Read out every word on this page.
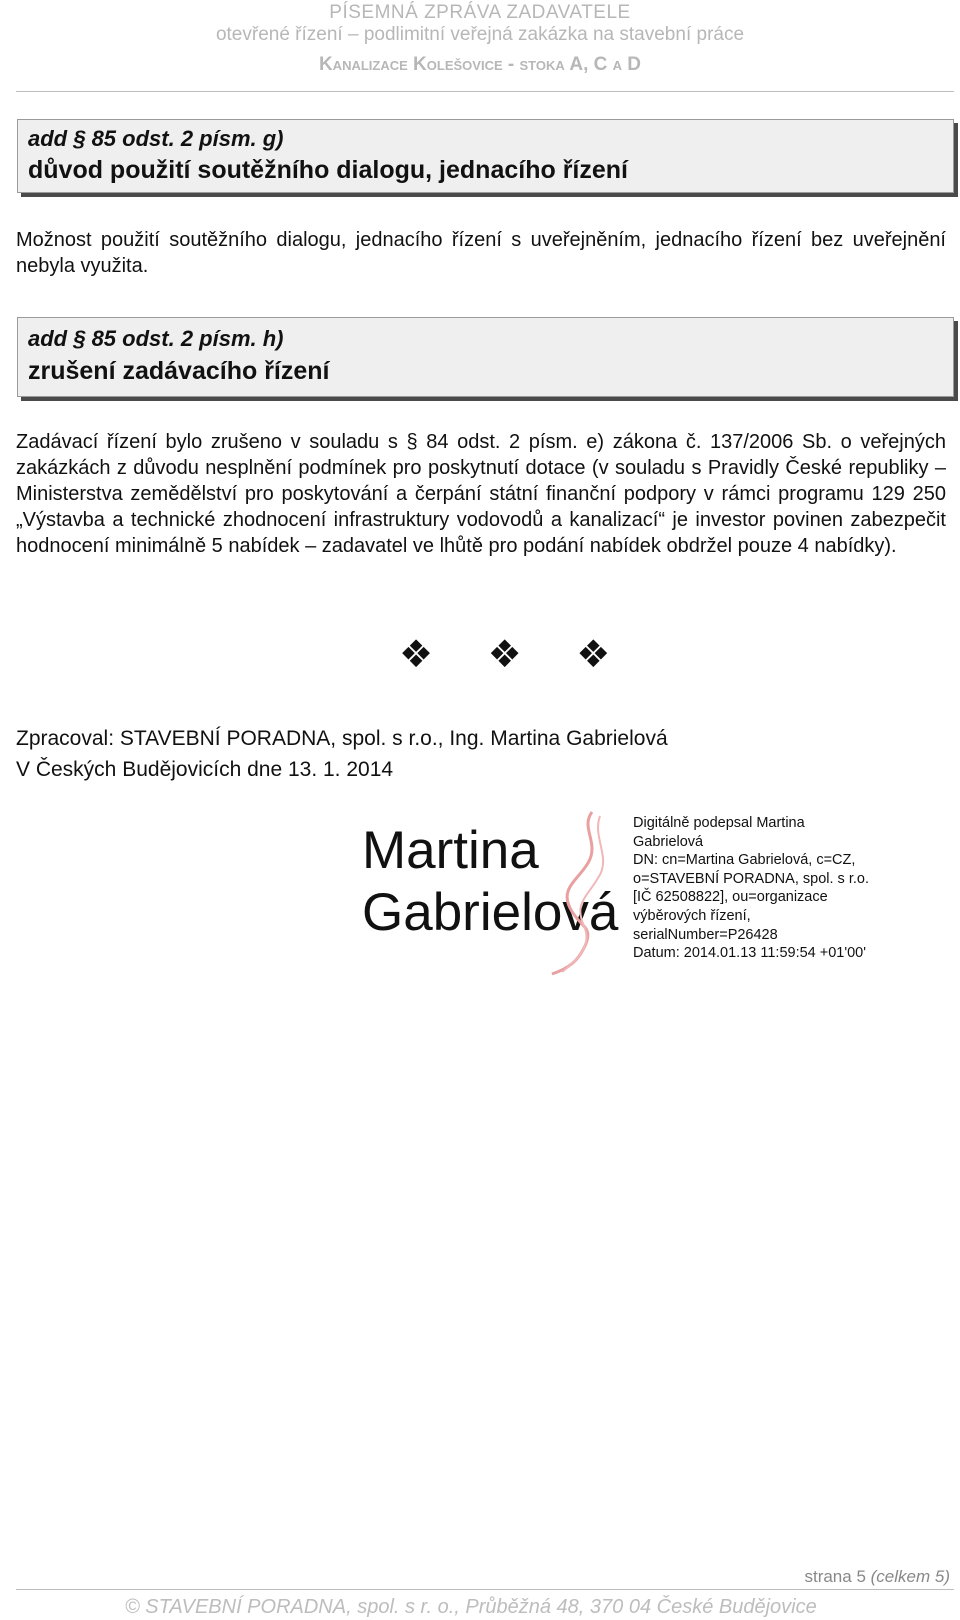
PÍSEMNÁ ZPRÁVA ZADAVATELE
otevřené řízení – podlimitní veřejná zakázka na stavební práce
Kanalizace Kolešovice - stoka A, C a D
add § 85 odst. 2 písm. g)
důvod použití soutěžního dialogu, jednacího řízení

Možnost použití soutěžního dialogu, jednacího řízení s uveřejněním, jednacího řízení bez uveřejnění nebyla využita.

add § 85 odst. 2 písm. h)
zrušení zadávacího řízení

Zadávací řízení bylo zrušeno v souladu s § 84 odst. 2 písm. e) zákona č. 137/2006 Sb. o veřejných zakázkách z důvodu nesplnění podmínek pro poskytnutí dotace (v souladu s Pravidly České republiky – Ministerstva zemědělství pro poskytování a čerpání státní finanční podpory v rámci programu 129 250 „Výstavba a technické zhodnocení infrastruktury vodovodů a kanalizací“ je investor povinen zabezpečit hodnocení minimálně 5 nabídek – zadavatel ve lhůtě pro podání nabídek obdržel pouze 4 nabídky).

❖ ❖ ❖
Zpracoval: STAVEBNÍ PORADNA, spol. s r.o., Ing. Martina Gabrielová
V Českých Budějovicích dne 13. 1. 2014
Martina
Gabrielová
Digitálně podepsal Martina
Gabrielová
DN: cn=Martina Gabrielová, c=CZ,
o=STAVEBNÍ PORADNA, spol. s r.o.
[IČ 62508822], ou=organizace
výběrových řízení,
serialNumber=P26428
Datum: 2014.01.13 11:59:54 +01'00'
strana 5 (celkem 5)
© STAVEBNÍ PORADNA, spol. s r. o., Průběžná 48, 370 04 České Budějovice
